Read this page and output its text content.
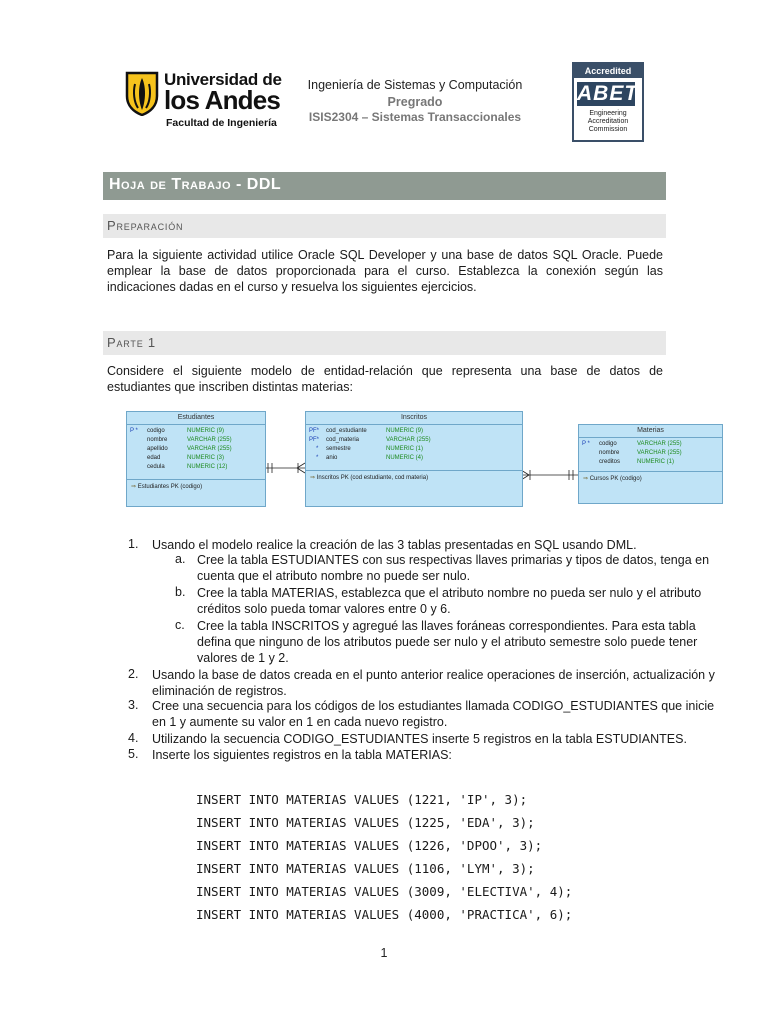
Universidad de
los Andes
Facultad de Ingeniería
Ingeniería de Sistemas y Computación
Pregrado
ISIS2304 – Sistemas Transaccionales
Accredited
ABET
Engineering
Accreditation
Commission
Hoja de Trabajo - DDL
Preparación
Para la siguiente actividad utilice Oracle SQL Developer y una base de datos SQL Oracle. Puede emplear la base de datos proporcionada para el curso. Establezca la conexión según las indicaciones dadas en el curso y resuelva los siguientes ejercicios.
Parte 1
Considere el siguiente modelo de entidad-relación que representa una base de datos de estudiantes que inscriben distintas materias:
Estudiantes
P * codigo	NUMERIC (9)
nombre	VARCHAR (255)
apellido	VARCHAR (255)
edad	NUMERIC (3)
cedula	NUMERIC (12)
⇒ Estudiantes PK (codigo)
Inscritos
PF* cod_estudiante	NUMERIC (9)
PF* cod_materia	VARCHAR (255)
* semestre	NUMERIC (1)
* anio	NUMERIC (4)
⇒ Inscritos PK (cod estudiante, cod materia)
Materias
P * codigo	VARCHAR (255)
nombre	VARCHAR (255)
creditos	NUMERIC (1)
⇒ Cursos PK (codigo)
1. Usando el modelo realice la creación de las 3 tablas presentadas en SQL usando DML.
a. Cree la tabla ESTUDIANTES con sus respectivas llaves primarias y tipos de datos, tenga en
cuenta que el atributo nombre no puede ser nulo.
b. Cree la tabla MATERIAS, establezca que el atributo nombre no pueda ser nulo y el atributo
créditos solo pueda tomar valores entre 0 y 6.
c. Cree la tabla INSCRITOS y agregué las llaves foráneas correspondientes. Para esta tabla
defina que ninguno de los atributos puede ser nulo y el atributo semestre solo puede tener
valores de 1 y 2.
2. Usando la base de datos creada en el punto anterior realice operaciones de inserción, actualización y
eliminación de registros.
3. Cree una secuencia para los códigos de los estudiantes llamada CODIGO_ESTUDIANTES que inicie
en 1 y aumente su valor en 1 en cada nuevo registro.
4. Utilizando la secuencia CODIGO_ESTUDIANTES inserte 5 registros en la tabla ESTUDIANTES.
5. Inserte los siguientes registros en la tabla MATERIAS:
INSERT INTO MATERIAS VALUES (1221, 'IP', 3);
INSERT INTO MATERIAS VALUES (1225, 'EDA', 3);
INSERT INTO MATERIAS VALUES (1226, 'DPOO', 3);
INSERT INTO MATERIAS VALUES (1106, 'LYM', 3);
INSERT INTO MATERIAS VALUES (3009, 'ELECTIVA', 4);
INSERT INTO MATERIAS VALUES (4000, 'PRACTICA', 6);
1
